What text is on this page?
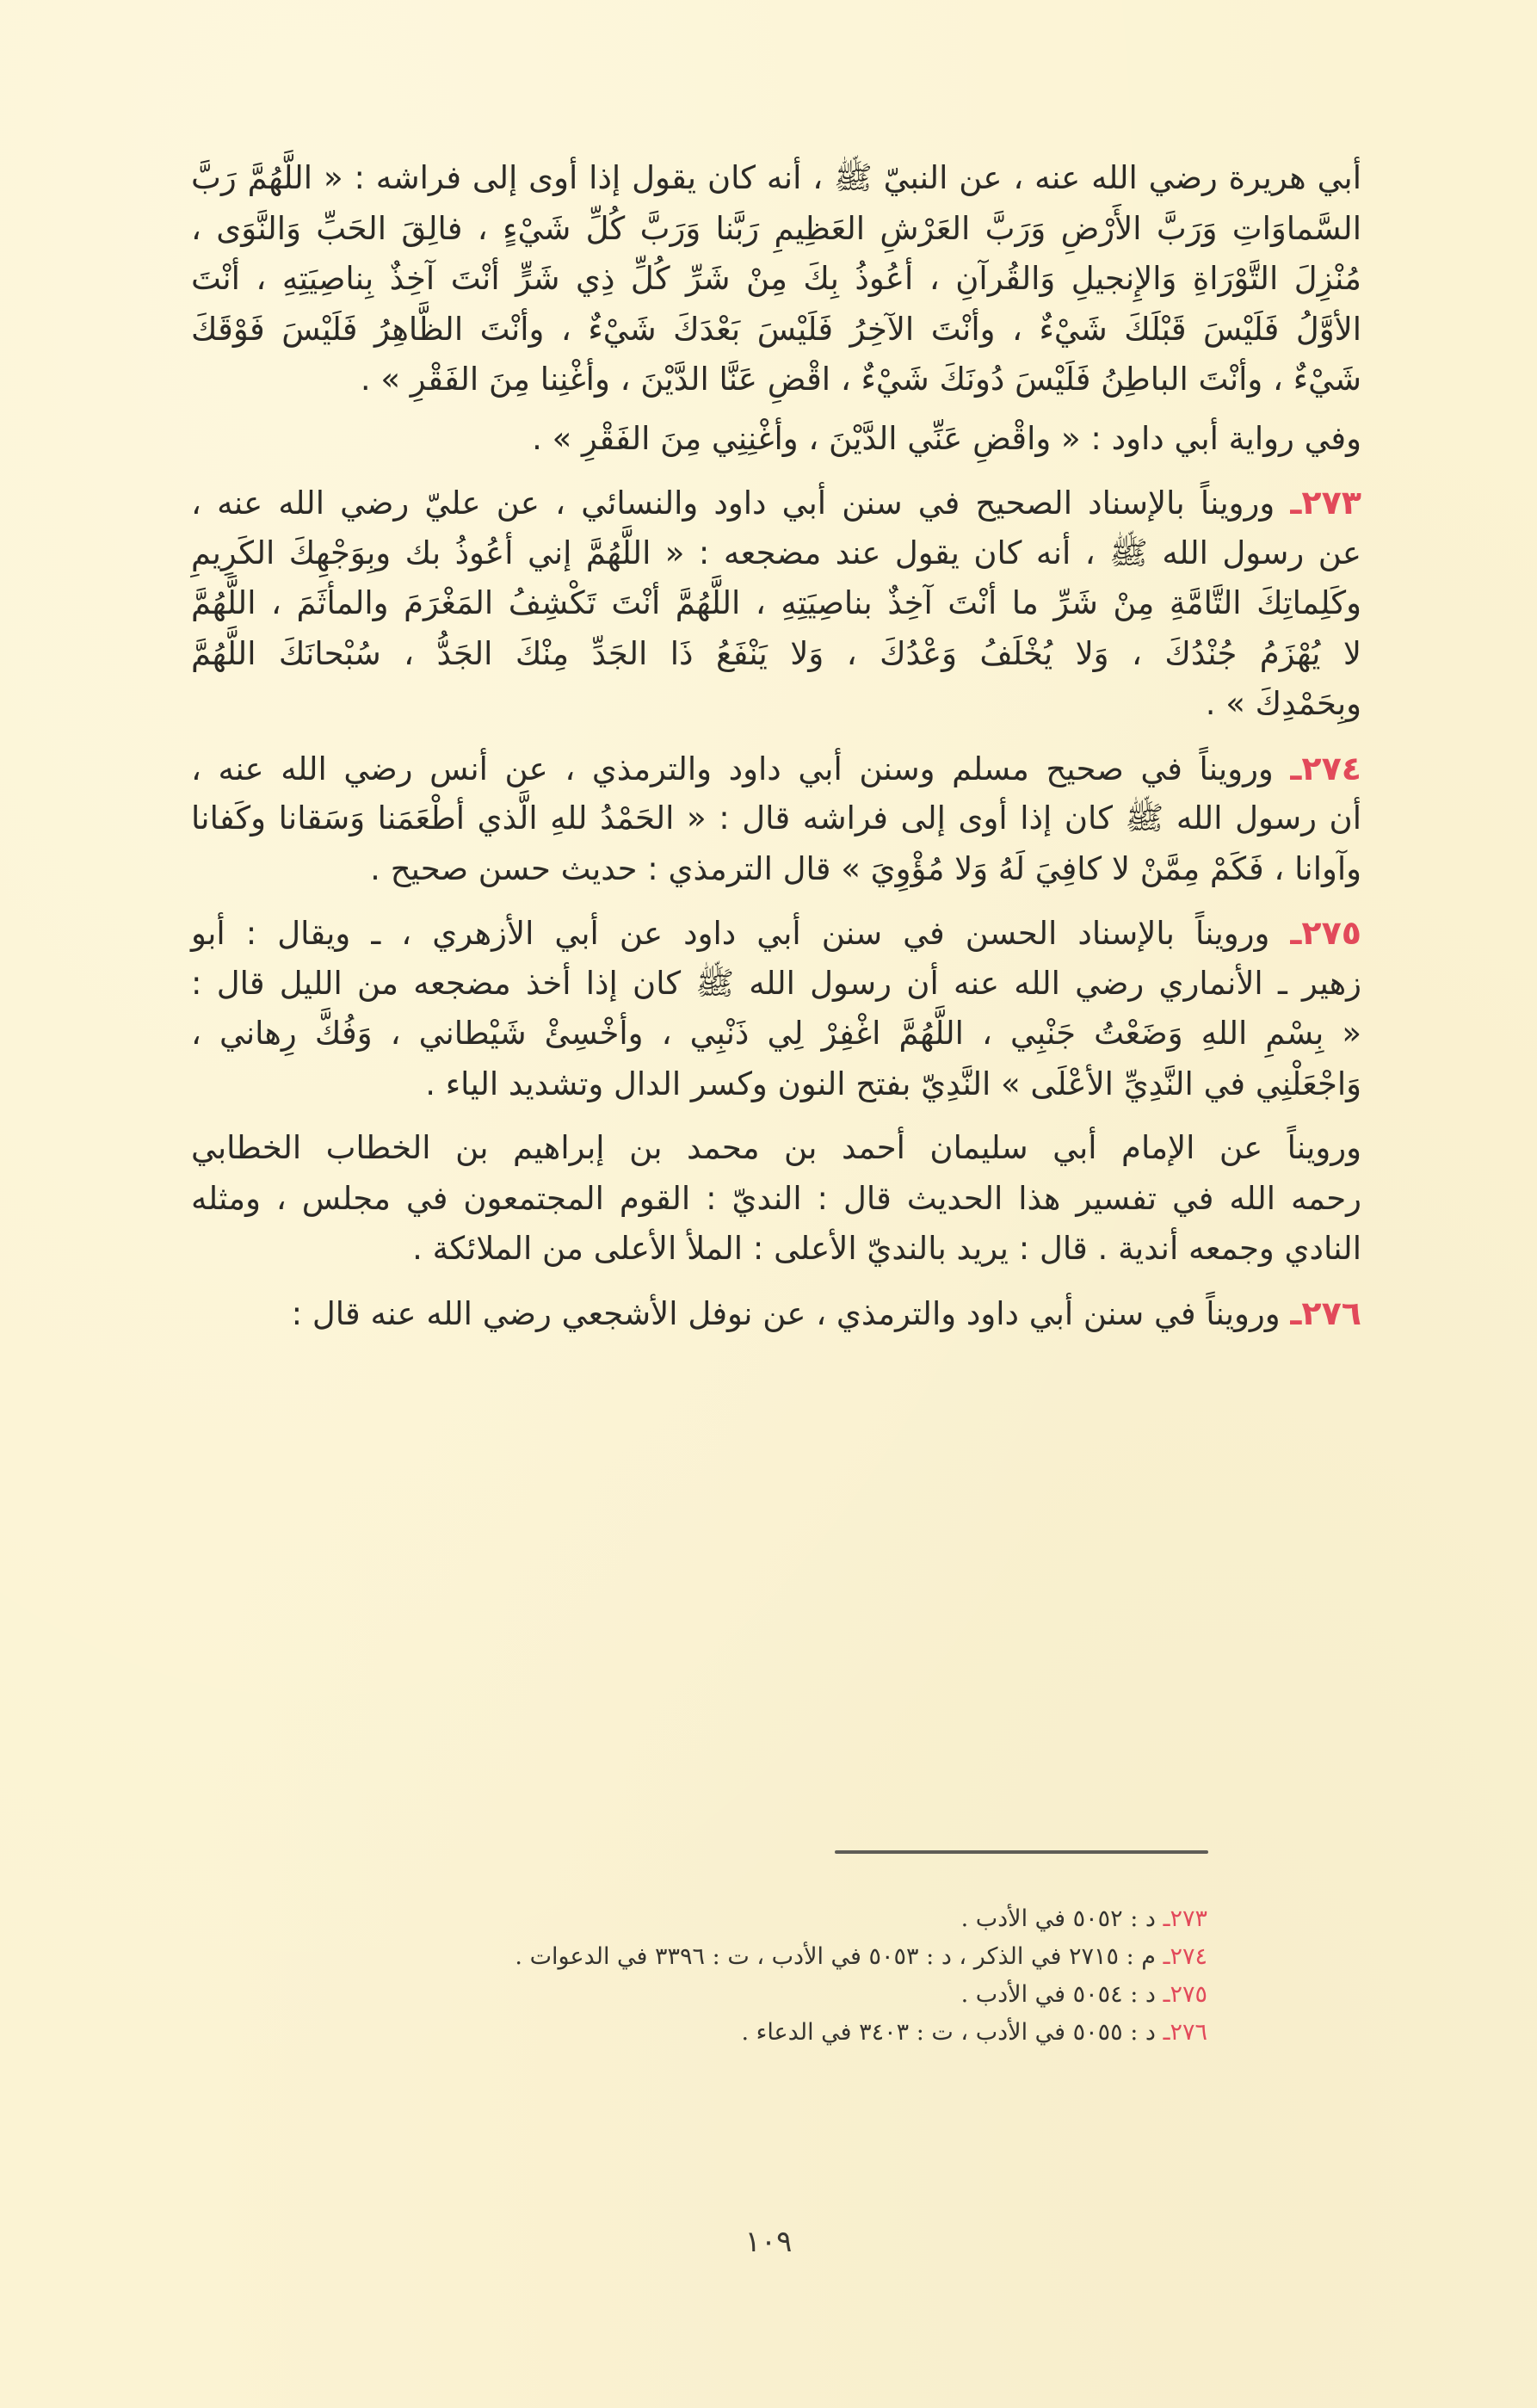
أبي هريرة رضي الله عنه ، عن النبيّ ﷺ ، أنه كان يقول إذا أوى إلى فراشه : « اللَّهُمَّ رَبَّ
السَّماوَاتِ وَرَبَّ الأَرْضِ وَرَبَّ العَرْشِ العَظِيمِ رَبَّنا وَرَبَّ كُلِّ شَيْءٍ ، فالِقَ الحَبِّ وَالنَّوَى ،
مُنْزِلَ التَّوْرَاةِ وَالإِنجيلِ وَالقُرآنِ ، أعُوذُ بِكَ مِنْ شَرِّ كُلِّ ذِي شَرٍّ أنْتَ آخِذٌ بِناصِيَتِهِ ، أنْتَ
الأوَّلُ فَلَيْسَ قَبْلَكَ شَيْءٌ ، وأنْتَ الآخِرُ فَلَيْسَ بَعْدَكَ شَيْءٌ ، وأنْتَ الظَّاهِرُ فَلَيْسَ فَوْقَكَ
شَيْءٌ ، وأنْتَ الباطِنُ فَلَيْسَ دُونَكَ شَيْءٌ ، اقْضِ عَنَّا الدَّيْنَ ، وأغْنِنا مِنَ الفَقْرِ » .
وفي رواية أبي داود : « واقْضِ عَنِّي الدَّيْنَ ، وأغْنِنِي مِنَ الفَقْرِ » .
٢٧٣ـ ورويناً بالإسناد الصحيح في سنن أبي داود والنسائي ، عن عليّ رضي الله عنه ،
عن رسول الله ﷺ ، أنه كان يقول عند مضجعه : « اللَّهُمَّ إني أعُوذُ بك وبِوَجْهِكَ الكَرِيمِ
وكَلِماتِكَ التَّامَّةِ مِنْ شَرِّ ما أنْتَ آخِذٌ بناصِيَتِهِ ، اللَّهُمَّ أنْتَ تَكْشِفُ المَغْرَمَ والمأثَمَ ، اللَّهُمَّ
لا يُهْزَمُ جُنْدُكَ ، وَلا يُخْلَفُ وَعْدُكَ ، وَلا يَنْفَعُ ذَا الجَدِّ مِنْكَ الجَدُّ ، سُبْحانَكَ اللَّهُمَّ
وبِحَمْدِكَ » .
٢٧٤ـ ورويناً في صحيح مسلم وسنن أبي داود والترمذي ، عن أنس رضي الله عنه ،
أن رسول الله ﷺ كان إذا أوى إلى فراشه قال : « الحَمْدُ للهِ الَّذي أطْعَمَنا وَسَقانا وكَفانا
وآوانا ، فَكَمْ مِمَّنْ لا كافِيَ لَهُ وَلا مُؤْوِيَ » قال الترمذي : حديث حسن صحيح .
٢٧٥ـ ورويناً بالإسناد الحسن في سنن أبي داود عن أبي الأزهري ، ـ ويقال : أبو
زهير ـ الأنماري رضي الله عنه أن رسول الله ﷺ كان إذا أخذ مضجعه من الليل قال :
« بِسْمِ اللهِ وَضَعْتُ جَنْبِي ، اللَّهُمَّ اغْفِرْ لِي ذَنْبِي ، وأخْسِئْ شَيْطاني ، وَفُكَّ رِهاني ،
وَاجْعَلْنِي في النَّدِيِّ الأعْلَى » النَّدِيّ بفتح النون وكسر الدال وتشديد الياء .
ورويناً عن الإمام أبي سليمان أحمد بن محمد بن إبراهيم بن الخطاب الخطابي
رحمه الله في تفسير هذا الحديث قال : النديّ : القوم المجتمعون في مجلس ، ومثله
النادي وجمعه أندية . قال : يريد بالنديّ الأعلى : الملأ الأعلى من الملائكة .
٢٧٦ـ ورويناً في سنن أبي داود والترمذي ، عن نوفل الأشجعي رضي الله عنه قال :
٢٧٣ـ د : ٥٠٥٢ في الأدب .
٢٧٤ـ م : ٢٧١٥ في الذكر ، د : ٥٠٥٣ في الأدب ، ت : ٣٣٩٦ في الدعوات .
٢٧٥ـ د : ٥٠٥٤ في الأدب .
٢٧٦ـ د : ٥٠٥٥ في الأدب ، ت : ٣٤٠٣ في الدعاء .
١٠٩
